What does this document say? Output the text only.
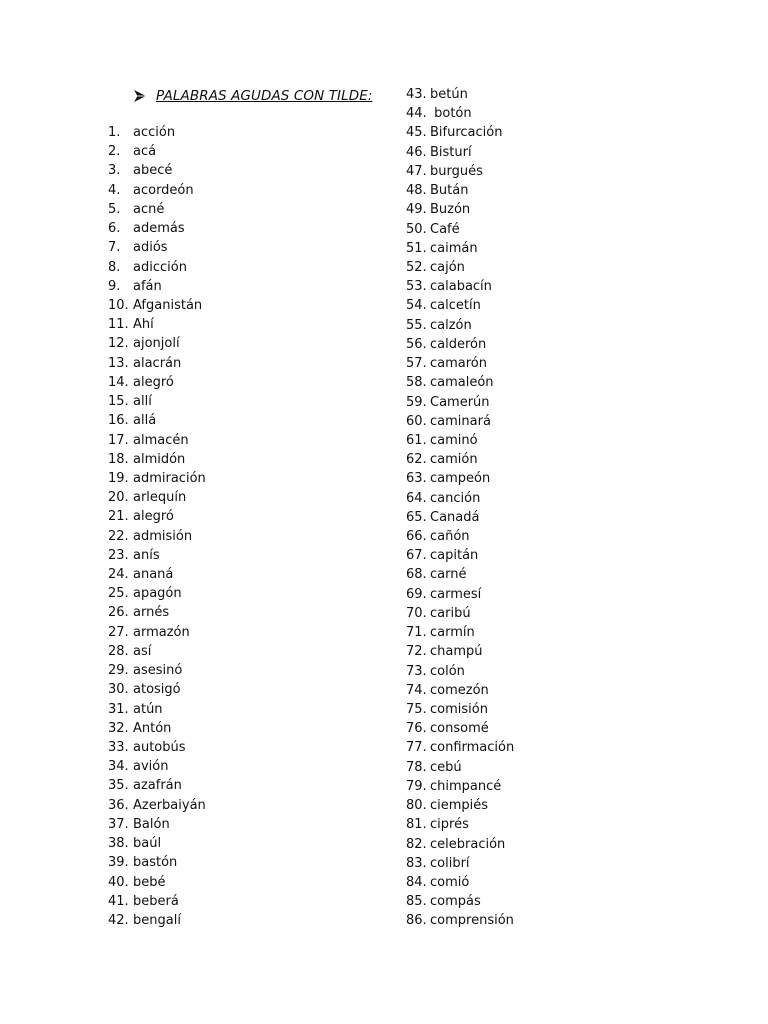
PALABRAS AGUDAS CON TILDE:
1. acción
2. acá
3. abecé
4. acordeón
5. acné
6. además
7. adiós
8. adicción
9. afán
10. Afganistán
11. Ahí
12. ajonjolí
13. alacrán
14. alegró
15. allí
16. allá
17. almacén
18. almidón
19. admiración
20. arlequín
21. alegró
22. admisión
23. anís
24. ananá
25. apagón
26. arnés
27. armazón
28. así
29. asesinó
30. atosigó
31. atún
32. Antón
33. autobús
34. avión
35. azafrán
36. Azerbaiyán
37. Balón
38. baúl
39. bastón
40. bebé
41. beberá
42. bengalí
43. betún
44. botón
45. Bifurcación
46. Bisturí
47. burgués
48. Bután
49. Buzón
50. Café
51. caimán
52. cajón
53. calabacín
54. calcetín
55. calzón
56. calderón
57. camarón
58. camaleón
59. Camerún
60. caminará
61. caminó
62. camión
63. campeón
64. canción
65. Canadá
66. cañón
67. capitán
68. carné
69. carmesí
70. caribú
71. carmín
72. champú
73. colón
74. comezón
75. comisión
76. consomé
77. confirmación
78. cebú
79. chimpancé
80. ciempiés
81. ciprés
82. celebración
83. colibrí
84. comió
85. compás
86. comprensión
